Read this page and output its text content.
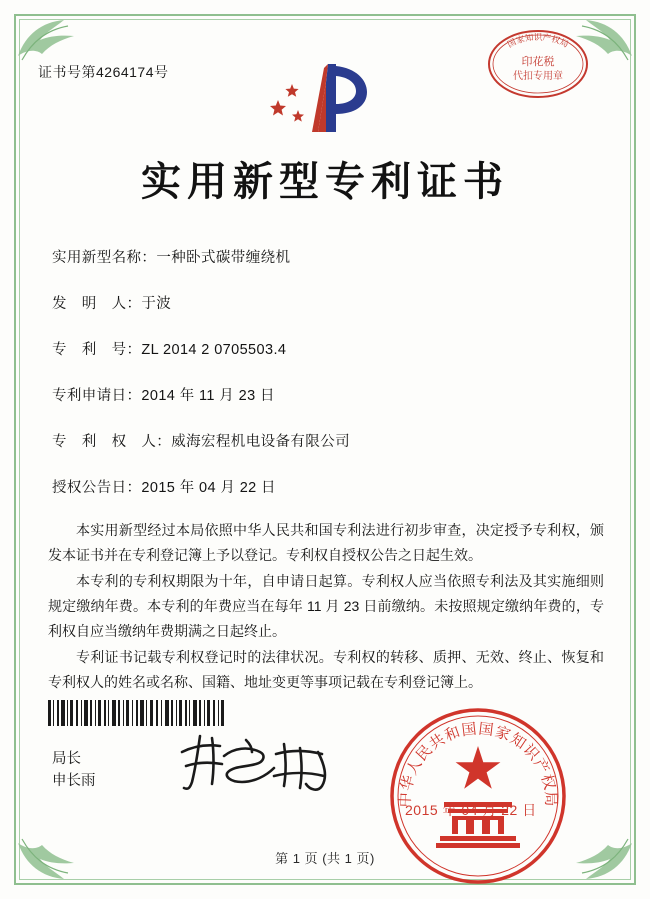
证书号第4264174号
国家知识产权局
印花税
代扣专用章
实用新型专利证书
实用新型名称：一种卧式碳带缠绕机
发　明　人：于波
专　利　号：ZL 2014 2 0705503.4
专利申请日：2014 年 11 月 23 日
专　利　权　人：威海宏程机电设备有限公司
授权公告日：2015 年 04 月 22 日

本实用新型经过本局依照中华人民共和国专利法进行初步审查，决定授予专利权，颁发本证书并在专利登记簿上予以登记。专利权自授权公告之日起生效。

本专利的专利权期限为十年，自申请日起算。专利权人应当依照专利法及其实施细则规定缴纳年费。本专利的年费应当在每年 11 月 23 日前缴纳。未按照规定缴纳年费的，专利权自应当缴纳年费期满之日起终止。

专利证书记载专利权登记时的法律状况。专利权的转移、质押、无效、终止、恢复和专利权人的姓名或名称、国籍、地址变更等事项记载在专利登记簿上。

局长
申长雨
中华人民共和国国家知识产权局
2015 年 04 月 22 日
第 1 页 (共 1 页)
